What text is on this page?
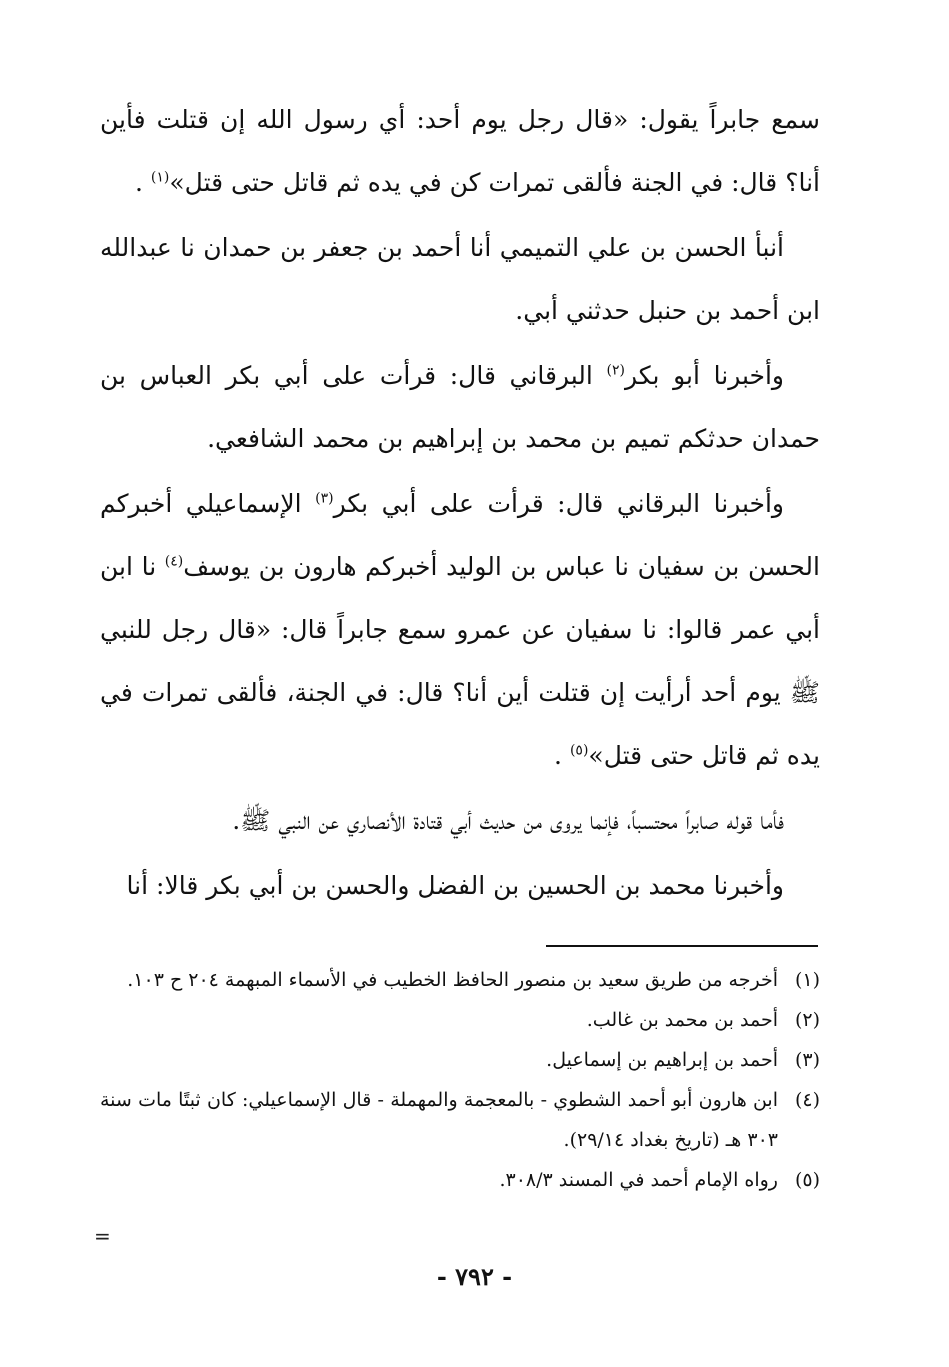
سمع جابراً يقول: «قال رجل يوم أحد: أي رسول الله إن قتلت فأين أنا؟ قال: في الجنة فألقى تمرات كن في يده ثم قاتل حتى قتل»$^{(١)}$ .

أنبأ الحسن بن علي التميمي أنا أحمد بن جعفر بن حمدان نا عبدالله ابن أحمد بن حنبل حدثني أبي.

وأخبرنا أبو بكر$^{(٢)}$ البرقاني قال: قرأت على أبي بكر العباس بن حمدان حدثكم تميم بن محمد بن إبراهيم بن محمد الشافعي.

وأخبرنا البرقاني قال: قرأت على أبي بكر$^{(٣)}$ الإسماعيلي أخبركم الحسن بن سفيان نا عباس بن الوليد أخبركم هارون بن يوسف$^{(٤)}$ نا ابن أبي عمر قالوا: نا سفيان عن عمرو سمع جابراً قال: «قال رجل للنبي ﷺ يوم أحد أرأيت إن قتلت أين أنا؟ قال: في الجنة، فألقى تمرات في يده ثم قاتل حتى قتل»$^{(٥)}$ .

فأما قوله صابراً محتسباً، فإنما يروى من حديث أبي قتادة الأنصاري عن النبي ﷺ.

وأخبرنا محمد بن الحسين بن الفضل والحسن بن أبي بكر قالا: أنا

(١)
أخرجه من طريق سعيد بن منصور الحافظ الخطيب في الأسماء المبهمة ٢٠٤ ح ١٠٣.
(٢)
أحمد بن محمد بن غالب.
(٣)
أحمد بن إبراهيم بن إسماعيل.
(٤)
ابن هارون أبو أحمد الشطوي - بالمعجمة والمهملة - قال الإسماعيلي: كان ثبتًا مات سنة ٣٠٣ هـ (تاريخ بغداد ٢٩/١٤).
(٥)
رواه الإمام أحمد في المسند ٣٠٨/٣.
=
- ٧٩٢ -
